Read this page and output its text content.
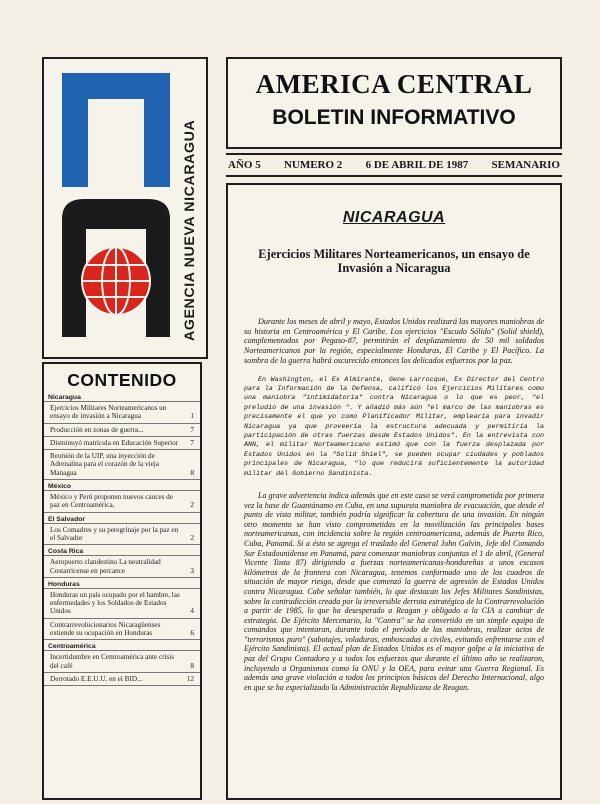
AGENCIA NUEVA NICARAGUA
CONTENIDO
Nicaragua
Ejercicios Militares Norteamericanos un ensayo de invasión a Nicaragua	1
Producción en zonas de guerra...	7
Disminuyó matrícula en Educación Superior	7
Reunión de la UIP, una inyección de Adrenalina para el corazón de la vieja Managua	8
México
México y Perú proponen nuevos cauces de paz en Centroamérica.	2
El Salvador
Los Comadres y su peregrinaje por la paz en el Salvador	2
Costa Rica
Aeropuerto clandestino La neutralidad Costarricense en percance	3
Honduras
Honduras un país ocupado por el hambre, las enfermedades y los Soldados de Estados Unidos	4
Contrarrevolucionarios Nicaragüenses extiende su ocupación en Honduras	6
Centroamérica
Incertidumbre en Centroamérica ante crisis del café	8
Derrotado E.E.U.U. en el BID...	12
AMERICA CENTRAL
BOLETIN INFORMATIVO
AÑO 5 NUMERO 2 6 DE ABRIL DE 1987 SEMANARIO
NICARAGUA
Ejercicios Militares Norteamericanos, un ensayo de Invasión a Nicaragua

Durante los meses de abril y mayo, Estados Unidos realizará las mayores maniobras de su historia en Centroamérica y El Caribe. Los ejercicios "Escudo Sólido" (Solid shield), complementados por Pegaso-87, permitirán el desplazamiento de 50 mil soldados Norteamericanos por la región, especialmente Honduras, El Caribe y El Pacífico. La sombra de la guerra habrá oscurecido entonces los delicados esfuerzos por la paz.

En Washington, el Ex Almirante, Gene Larrocque, Ex Director del Centro para la Información de la Defensa, calificó los Ejercicios Militares como una maniobra "intimidatoria" contra Nicaragua o lo que es peor, "el preludio de una invasión ". Y añadió más aún "el marco de las maniobras es precisamente el que yo como Planificador Militar, emplearía para invadir Nicaragua ya que proveería la estructura adecuada y permitiría la participación de otras fuerzas desde Estados Unidos". En la entrevista con ANN, el militar Norteamericano estimó que con la fuerza desplazada por Estados Unidos en la "Solid Shiel", se pueden ocupar ciudades y poblados principales de Nicaragua, "lo que reducirá suficientemente la autoridad militar del Gobierno Sandinista.

La grave advertencia indica además que en este caso se verá comprometida por primera vez la base de Guantánamo en Cuba, en una supuesta maniobra de evacuación, que desde el punto de vista militar, también podría significar la cobertura de una invasión. En ningún otro momento se han visto comprometidas en la movilización las principales bases norteamericanas, con incidencia sobre la región centroamericana, además de Puerto Rico, Cuba, Panamá. Si a ésto se agrega el traslado del General John Galvin, Jefe del Comando Sur Estadounidense en Panamá, para comenzar maniobras conjuntas el 1 de abril, (General Vicente Tosta 87) dirigiendo a fuerzas norteamericanas-hondureñas a unos escasos kilómetros de la frontera con Nicaragua, tenemos conformado uno de los cuadros de situación de mayor riesgo, desde que comenzó la guerra de agresión de Estados Unidos contra Nicaragua. Cabe señalar también, lo que destacan los Jefes Militares Sandinistas, sobre la contradicción creada por la irreversible derrota estratégica de la Contrarrevolución a partir de 1985, lo que ha desesperado a Reagan y obligado a la CIA a cambiar de estrategia. De Ejército Mercenario, la "Contra" se ha convertido en un simple equipo de comandos que intentaran, durante todo el período de las maniobras, realizar actos de "terrorismos puro" (sabotajes, voladuras, emboscadas a civiles, evitando enfrentarse con el Ejército Sandinista). El actual plan de Estados Unidos es el mayor golpe a la iniciativa de paz del Grupo Contadora y a todos los esfuerzos que durante el último año se realizaron, incluyendo a Organismos como la ONU y la OEA, para evitar una Guerra Regional. Es además una grave violación a todos los principios básicos del Derecho Internacional, algo en que se ha especializado la Administración Republicana de Reagan.
